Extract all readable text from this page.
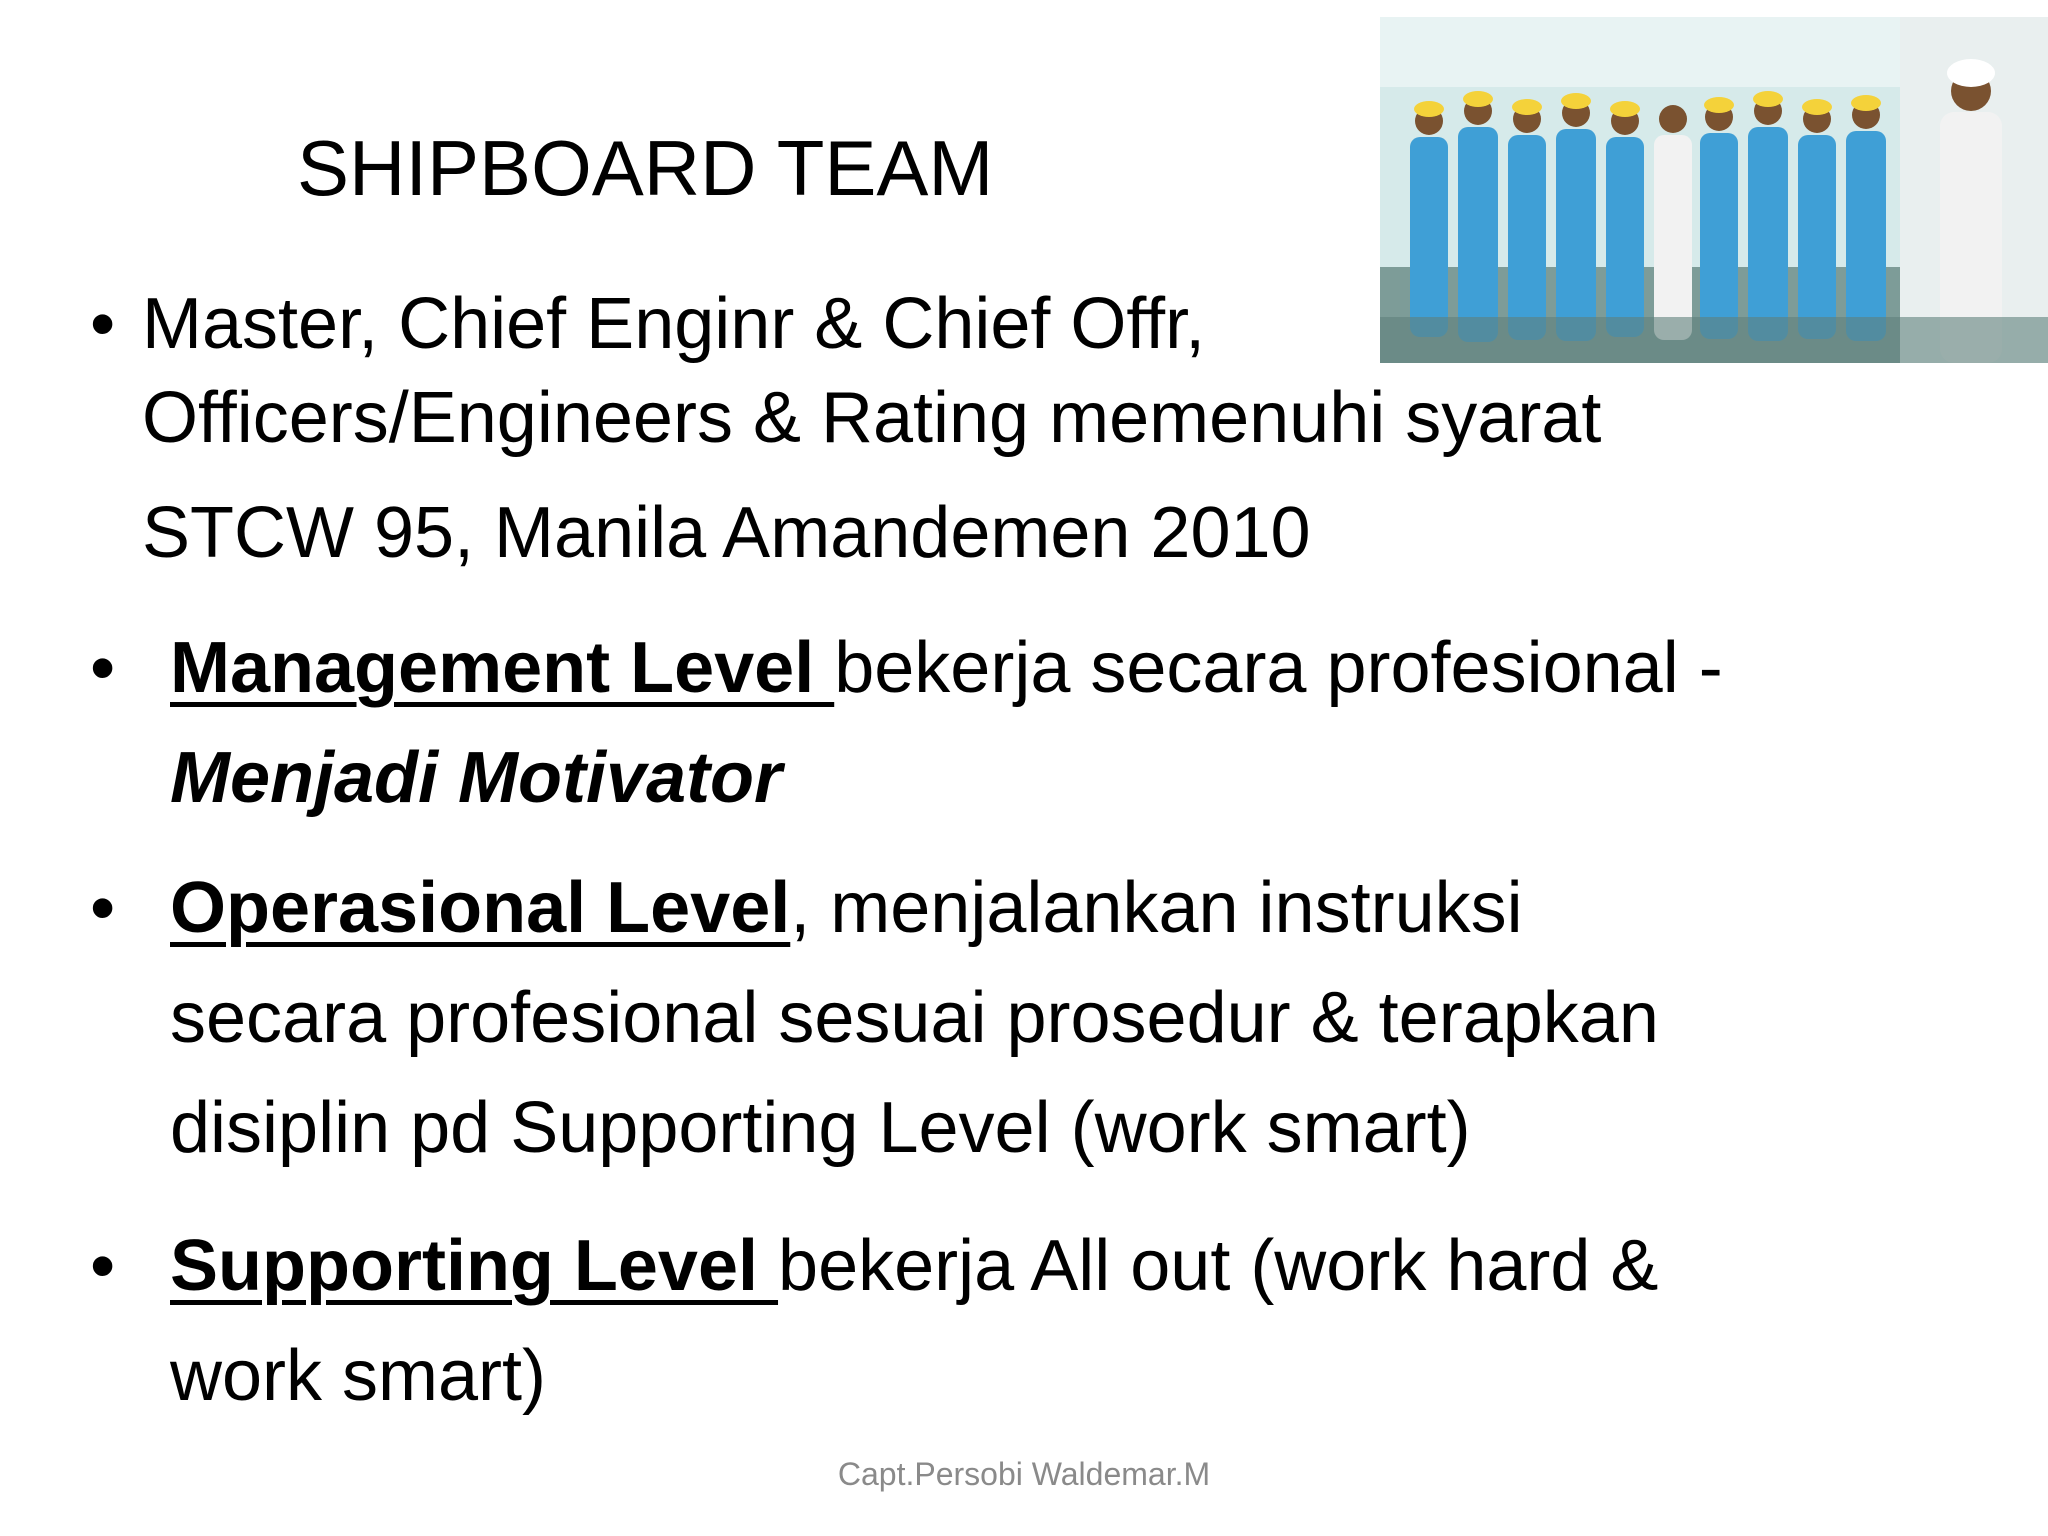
SHIPBOARD TEAM
• Master, Chief Enginr & Chief Offr,
Officers/Engineers & Rating memenuhi syarat
STCW 95, Manila Amandemen 2010
• Management Level bekerja secara profesional -
Menjadi Motivator
• Operasional Level, menjalankan instruksi
secara profesional sesuai prosedur & terapkan
disiplin pd Supporting Level (work smart)
• Supporting Level bekerja All out (work hard &
work smart)
Capt.Persobi Waldemar.M
